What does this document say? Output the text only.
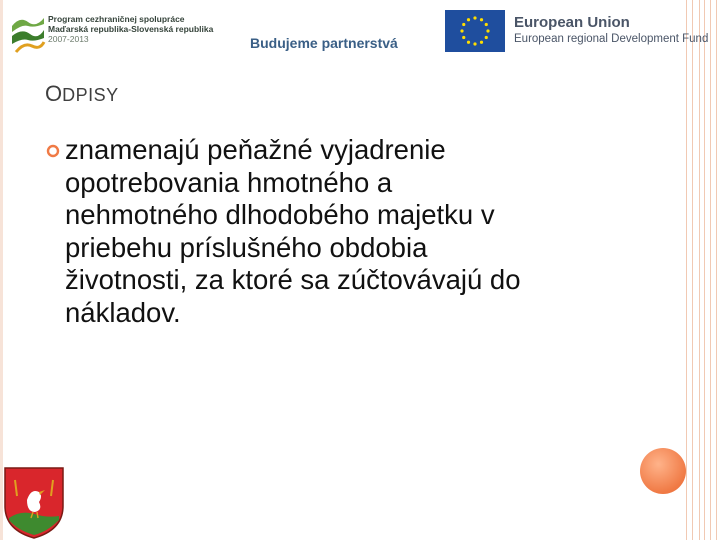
Program cezhraničnej spolupráce
Maďarská republika-Slovenská republika
2007-2013	Budujeme partnerstvá
European Union
European regional Development Fund
ODPISY
znamenajú peňažné vyjadrenie
opotrebovania hmotného a
nehmotného dlhodobého majetku v
priebehu príslušného obdobia
životnosti, za ktoré sa zúčtovávajú do
nákladov.
